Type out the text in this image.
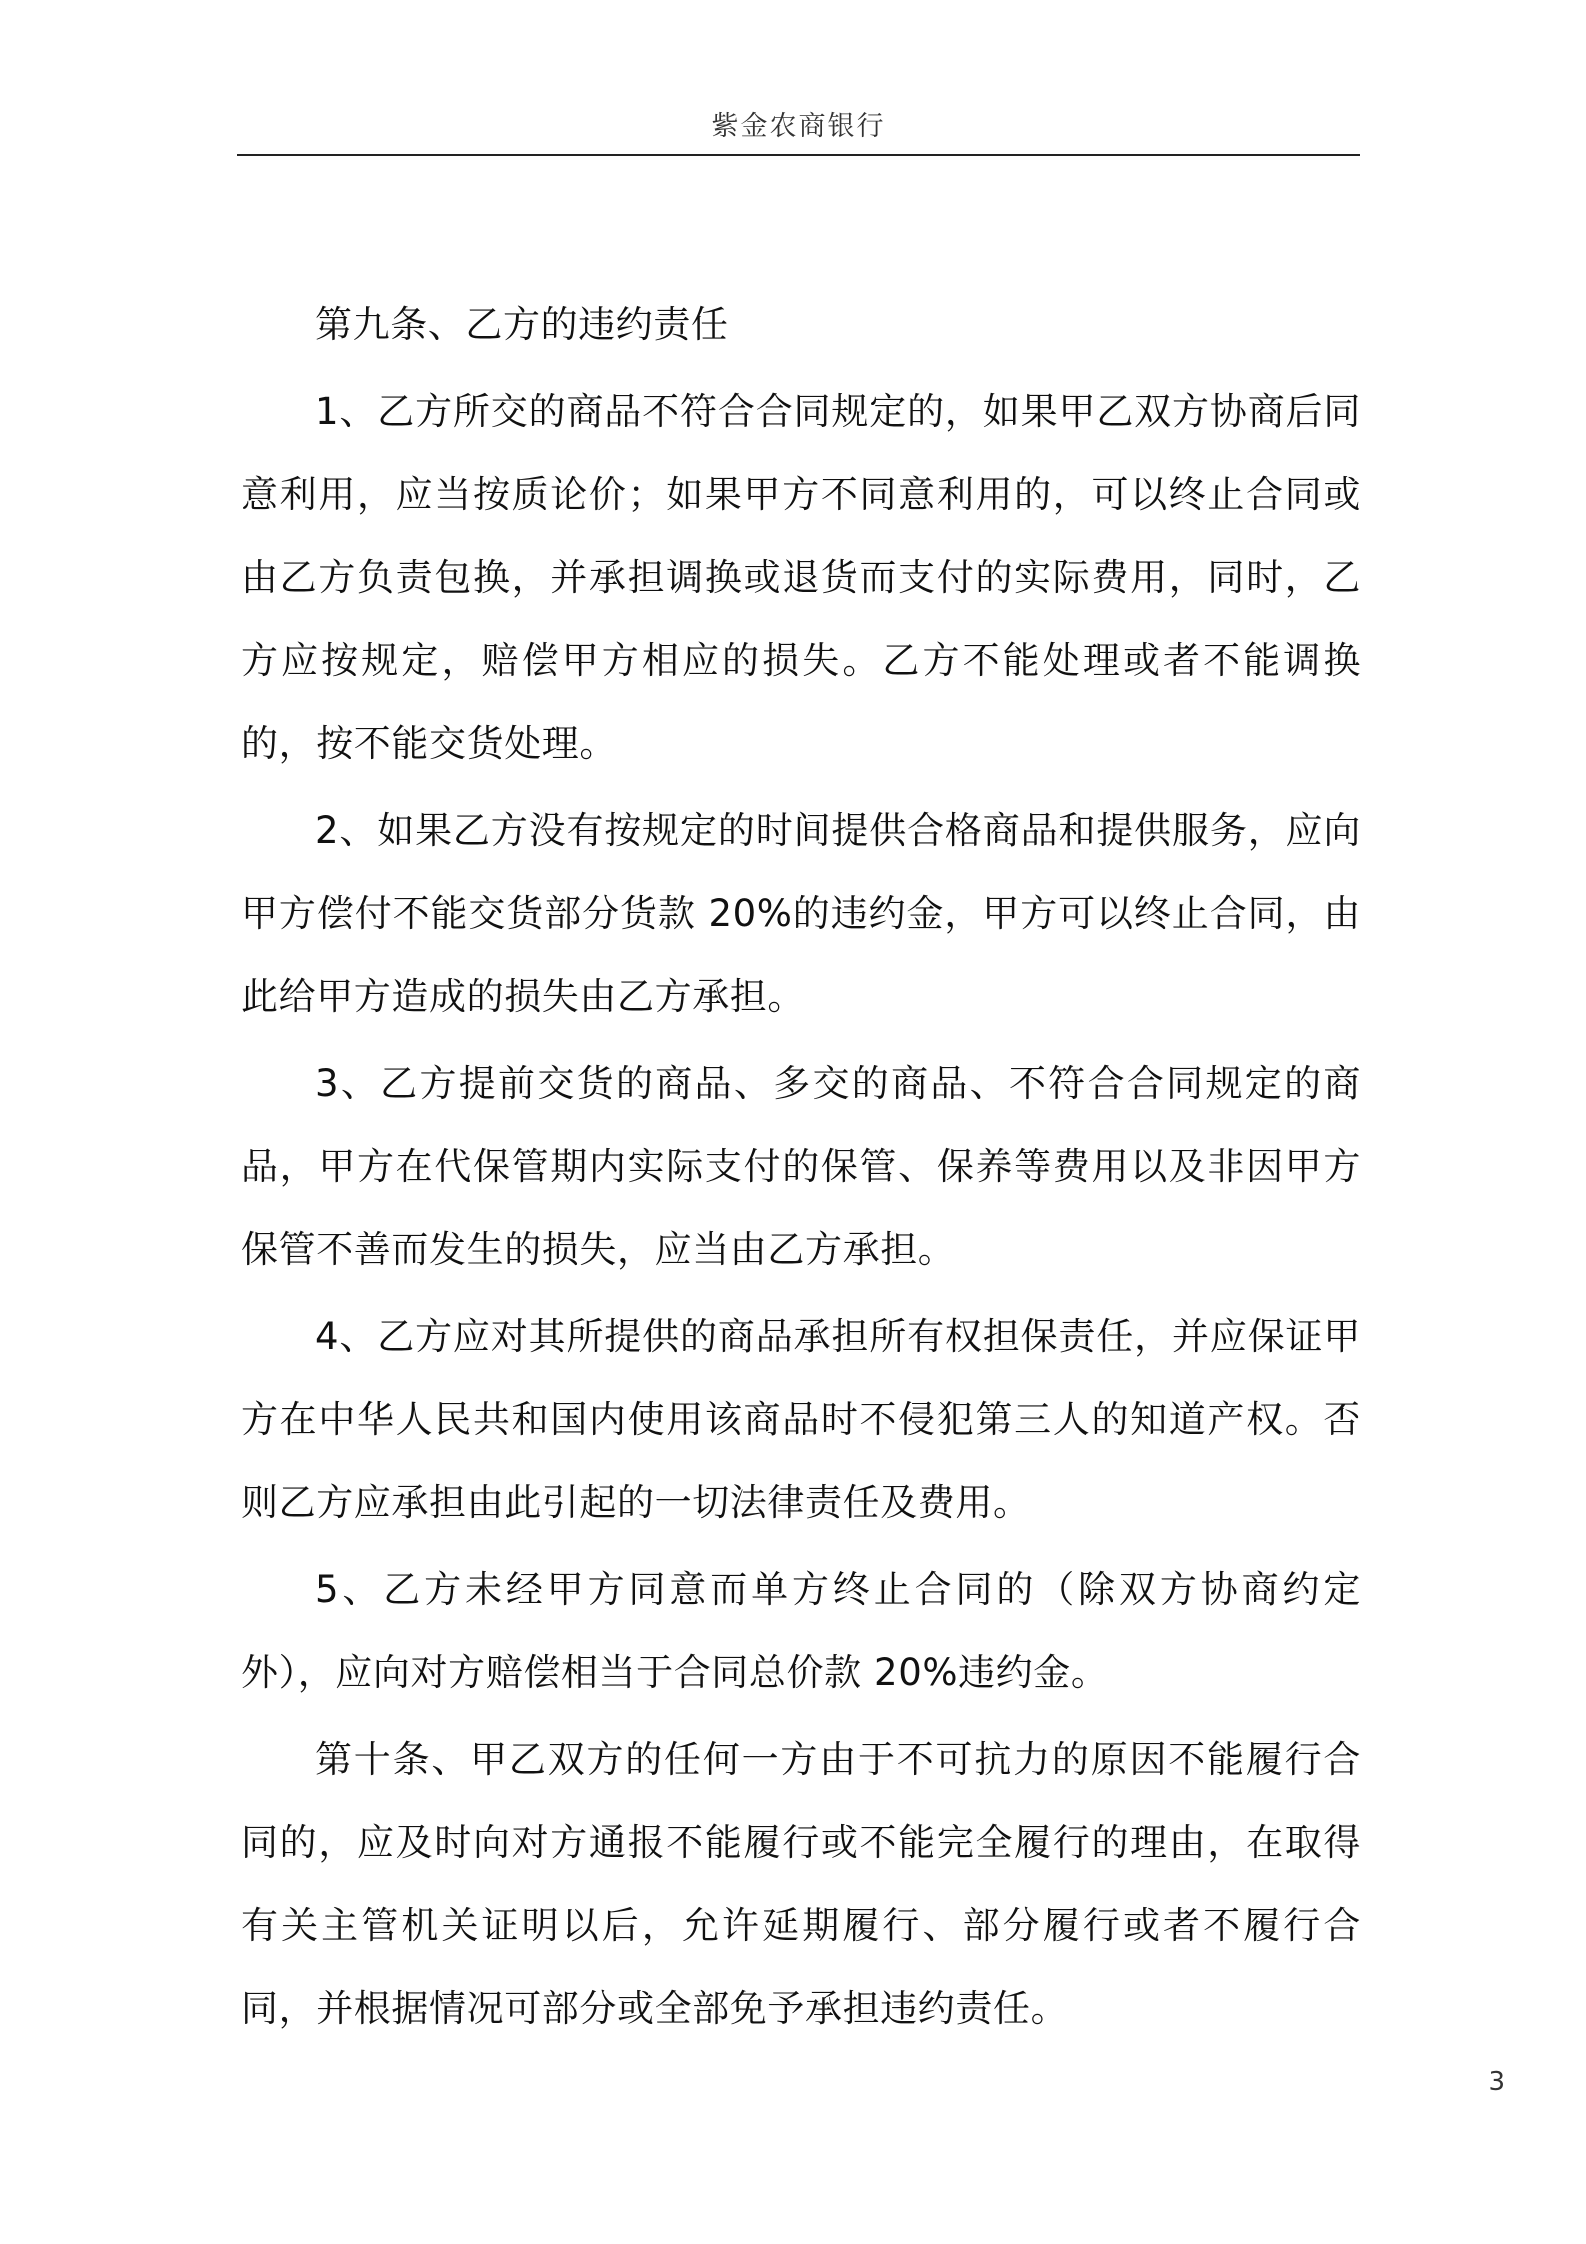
紫金农商银行

第九条、乙方的违约责任

1、乙方所交的商品不符合合同规定的，如果甲乙双方协商后同意利用，应当按质论价；如果甲方不同意利用的，可以终止合同或由乙方负责包换，并承担调换或退货而支付的实际费用，同时，乙方应按规定，赔偿甲方相应的损失。乙方不能处理或者不能调换的，按不能交货处理。

2、如果乙方没有按规定的时间提供合格商品和提供服务，应向甲方偿付不能交货部分货款 20%的违约金，甲方可以终止合同，由此给甲方造成的损失由乙方承担。

3、乙方提前交货的商品、多交的商品、不符合合同规定的商品，甲方在代保管期内实际支付的保管、保养等费用以及非因甲方保管不善而发生的损失，应当由乙方承担。

4、乙方应对其所提供的商品承担所有权担保责任，并应保证甲方在中华人民共和国内使用该商品时不侵犯第三人的知道产权。否则乙方应承担由此引起的一切法律责任及费用。

5、乙方未经甲方同意而单方终止合同的（除双方协商约定外），应向对方赔偿相当于合同总价款 20%违约金。

第十条、甲乙双方的任何一方由于不可抗力的原因不能履行合同的，应及时向对方通报不能履行或不能完全履行的理由，在取得有关主管机关证明以后，允许延期履行、部分履行或者不履行合同，并根据情况可部分或全部免予承担违约责任。

3
